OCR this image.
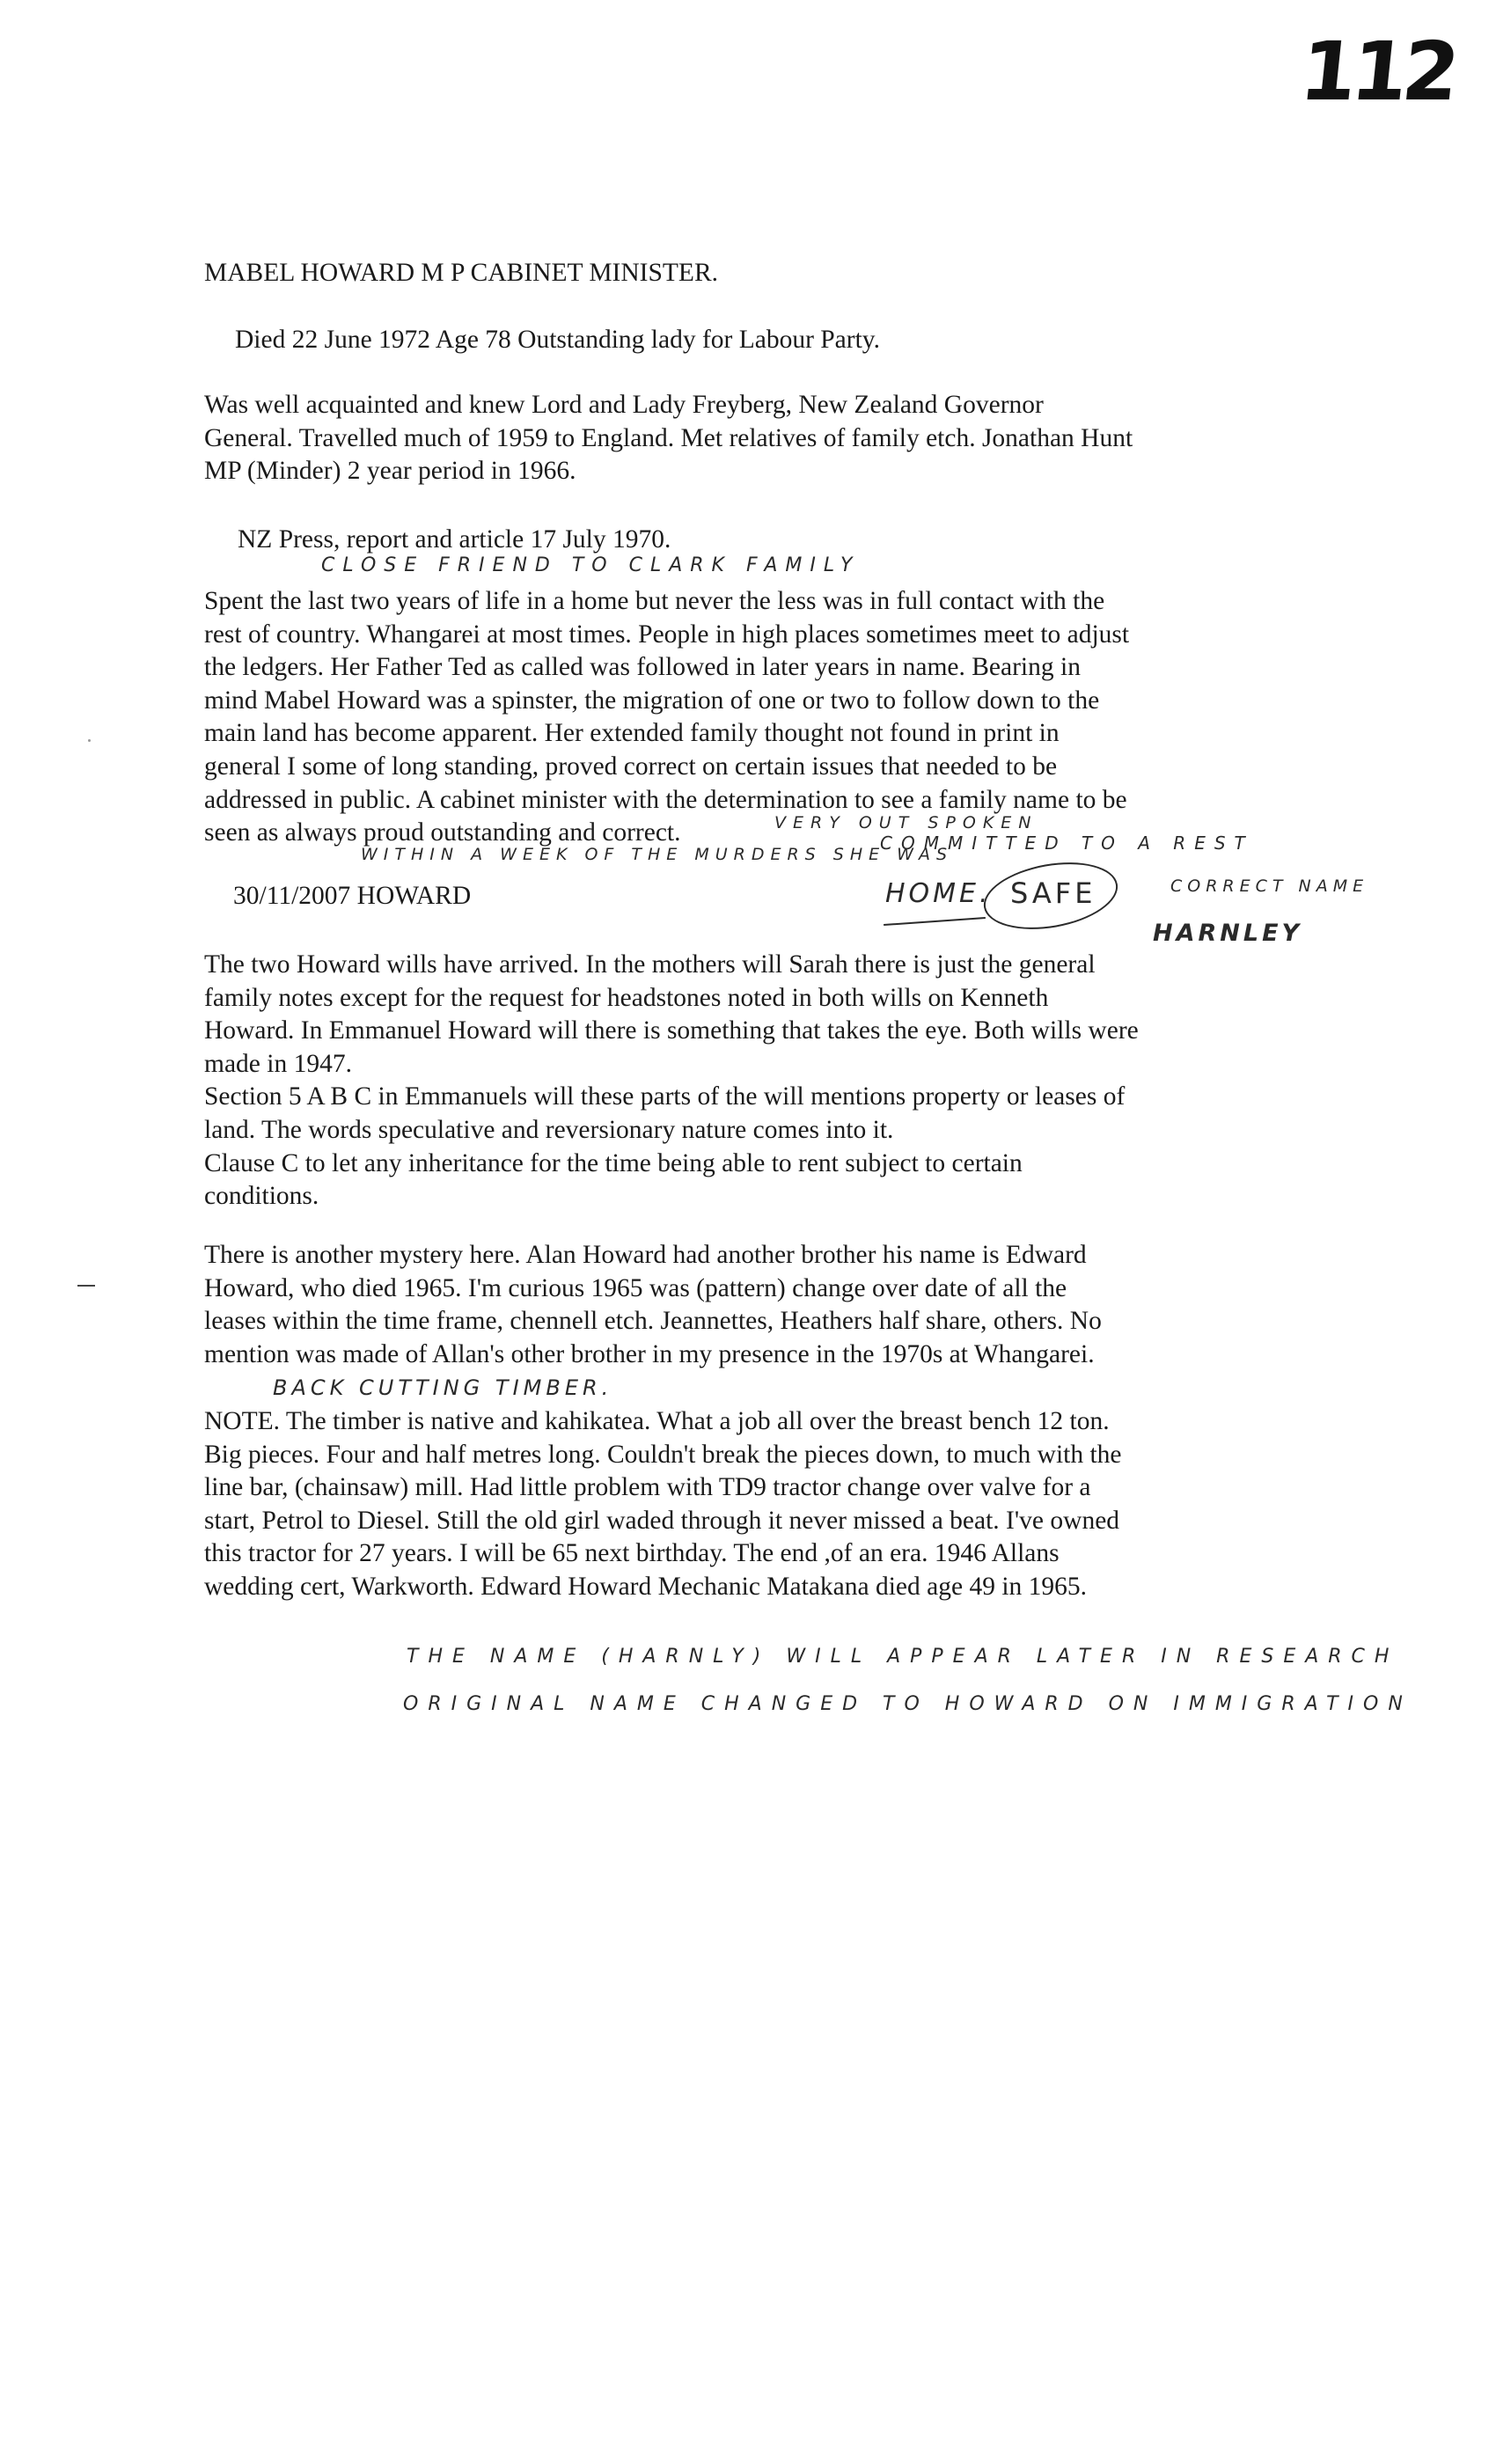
112

MABEL HOWARD M P CABINET MINISTER.

Died 22 June 1972 Age 78 Outstanding lady for Labour Party.

Was well acquainted and knew Lord and Lady Freyberg, New Zealand Governor
General. Travelled much of 1959 to England. Met relatives of family etch. Jonathan Hunt
MP (Minder) 2 year period in 1966.

NZ Press, report and article 17 July 1970.

Spent the last two years of life in a home but never the less was in full contact with the
rest of country. Whangarei at most times. People in high places sometimes meet to adjust
the ledgers. Her Father Ted as called was followed in later years in name. Bearing in
mind Mabel Howard was a spinster, the migration of one or two to follow down to the
main land has become apparent. Her extended family thought not found in print in
general I some of long standing, proved correct on certain issues that needed to be
addressed in public. A cabinet minister with the determination to see a family name to be
seen as always proud outstanding and correct.

30/11/2007 HOWARD

The two Howard wills have arrived. In the mothers will Sarah there is just the general
family notes except for the request for headstones noted in both wills on Kenneth
Howard. In Emmanuel Howard will there is something that takes the eye. Both wills were
made in 1947.
Section 5 A B C in Emmanuels will these parts of the will mentions property or leases of
land. The words speculative and reversionary nature comes into it.
Clause C to let any inheritance for the time being able to rent subject to certain
conditions.

There is another mystery here. Alan Howard had another brother his name is Edward
Howard, who died 1965. I'm curious 1965 was (pattern) change over date of all the
leases within the time frame, chennell etch. Jeannettes, Heathers half share, others. No
mention was made of Allan's other brother in my presence in the 1970s at Whangarei.

NOTE. The timber is native and kahikatea. What a job all over the breast bench 12 ton.
Big pieces. Four and half metres long. Couldn't break the pieces down, to much with the
line bar, (chainsaw) mill. Had little problem with TD9 tractor change over valve for a
start, Petrol to Diesel. Still the old girl waded through it never missed a beat. I've owned
this tractor for 27 years. I will be 65 next birthday. The end ,of an era. 1946 Allans
wedding cert, Warkworth. Edward Howard Mechanic Matakana died age 49 in 1965.

CLOSE FRIEND TO CLARK FAMILY
VERY OUT SPOKEN
COMMITTED TO A REST
WITHIN A WEEK OF THE MURDERS SHE WAS
CORRECT NAME
HOME. SAFE
HARNLEY
BACK CUTTING TIMBER.
THE NAME (HARNLY) WILL APPEAR LATER IN RESEARCH
ORIGINAL NAME CHANGED TO HOWARD ON IMMIGRATION
